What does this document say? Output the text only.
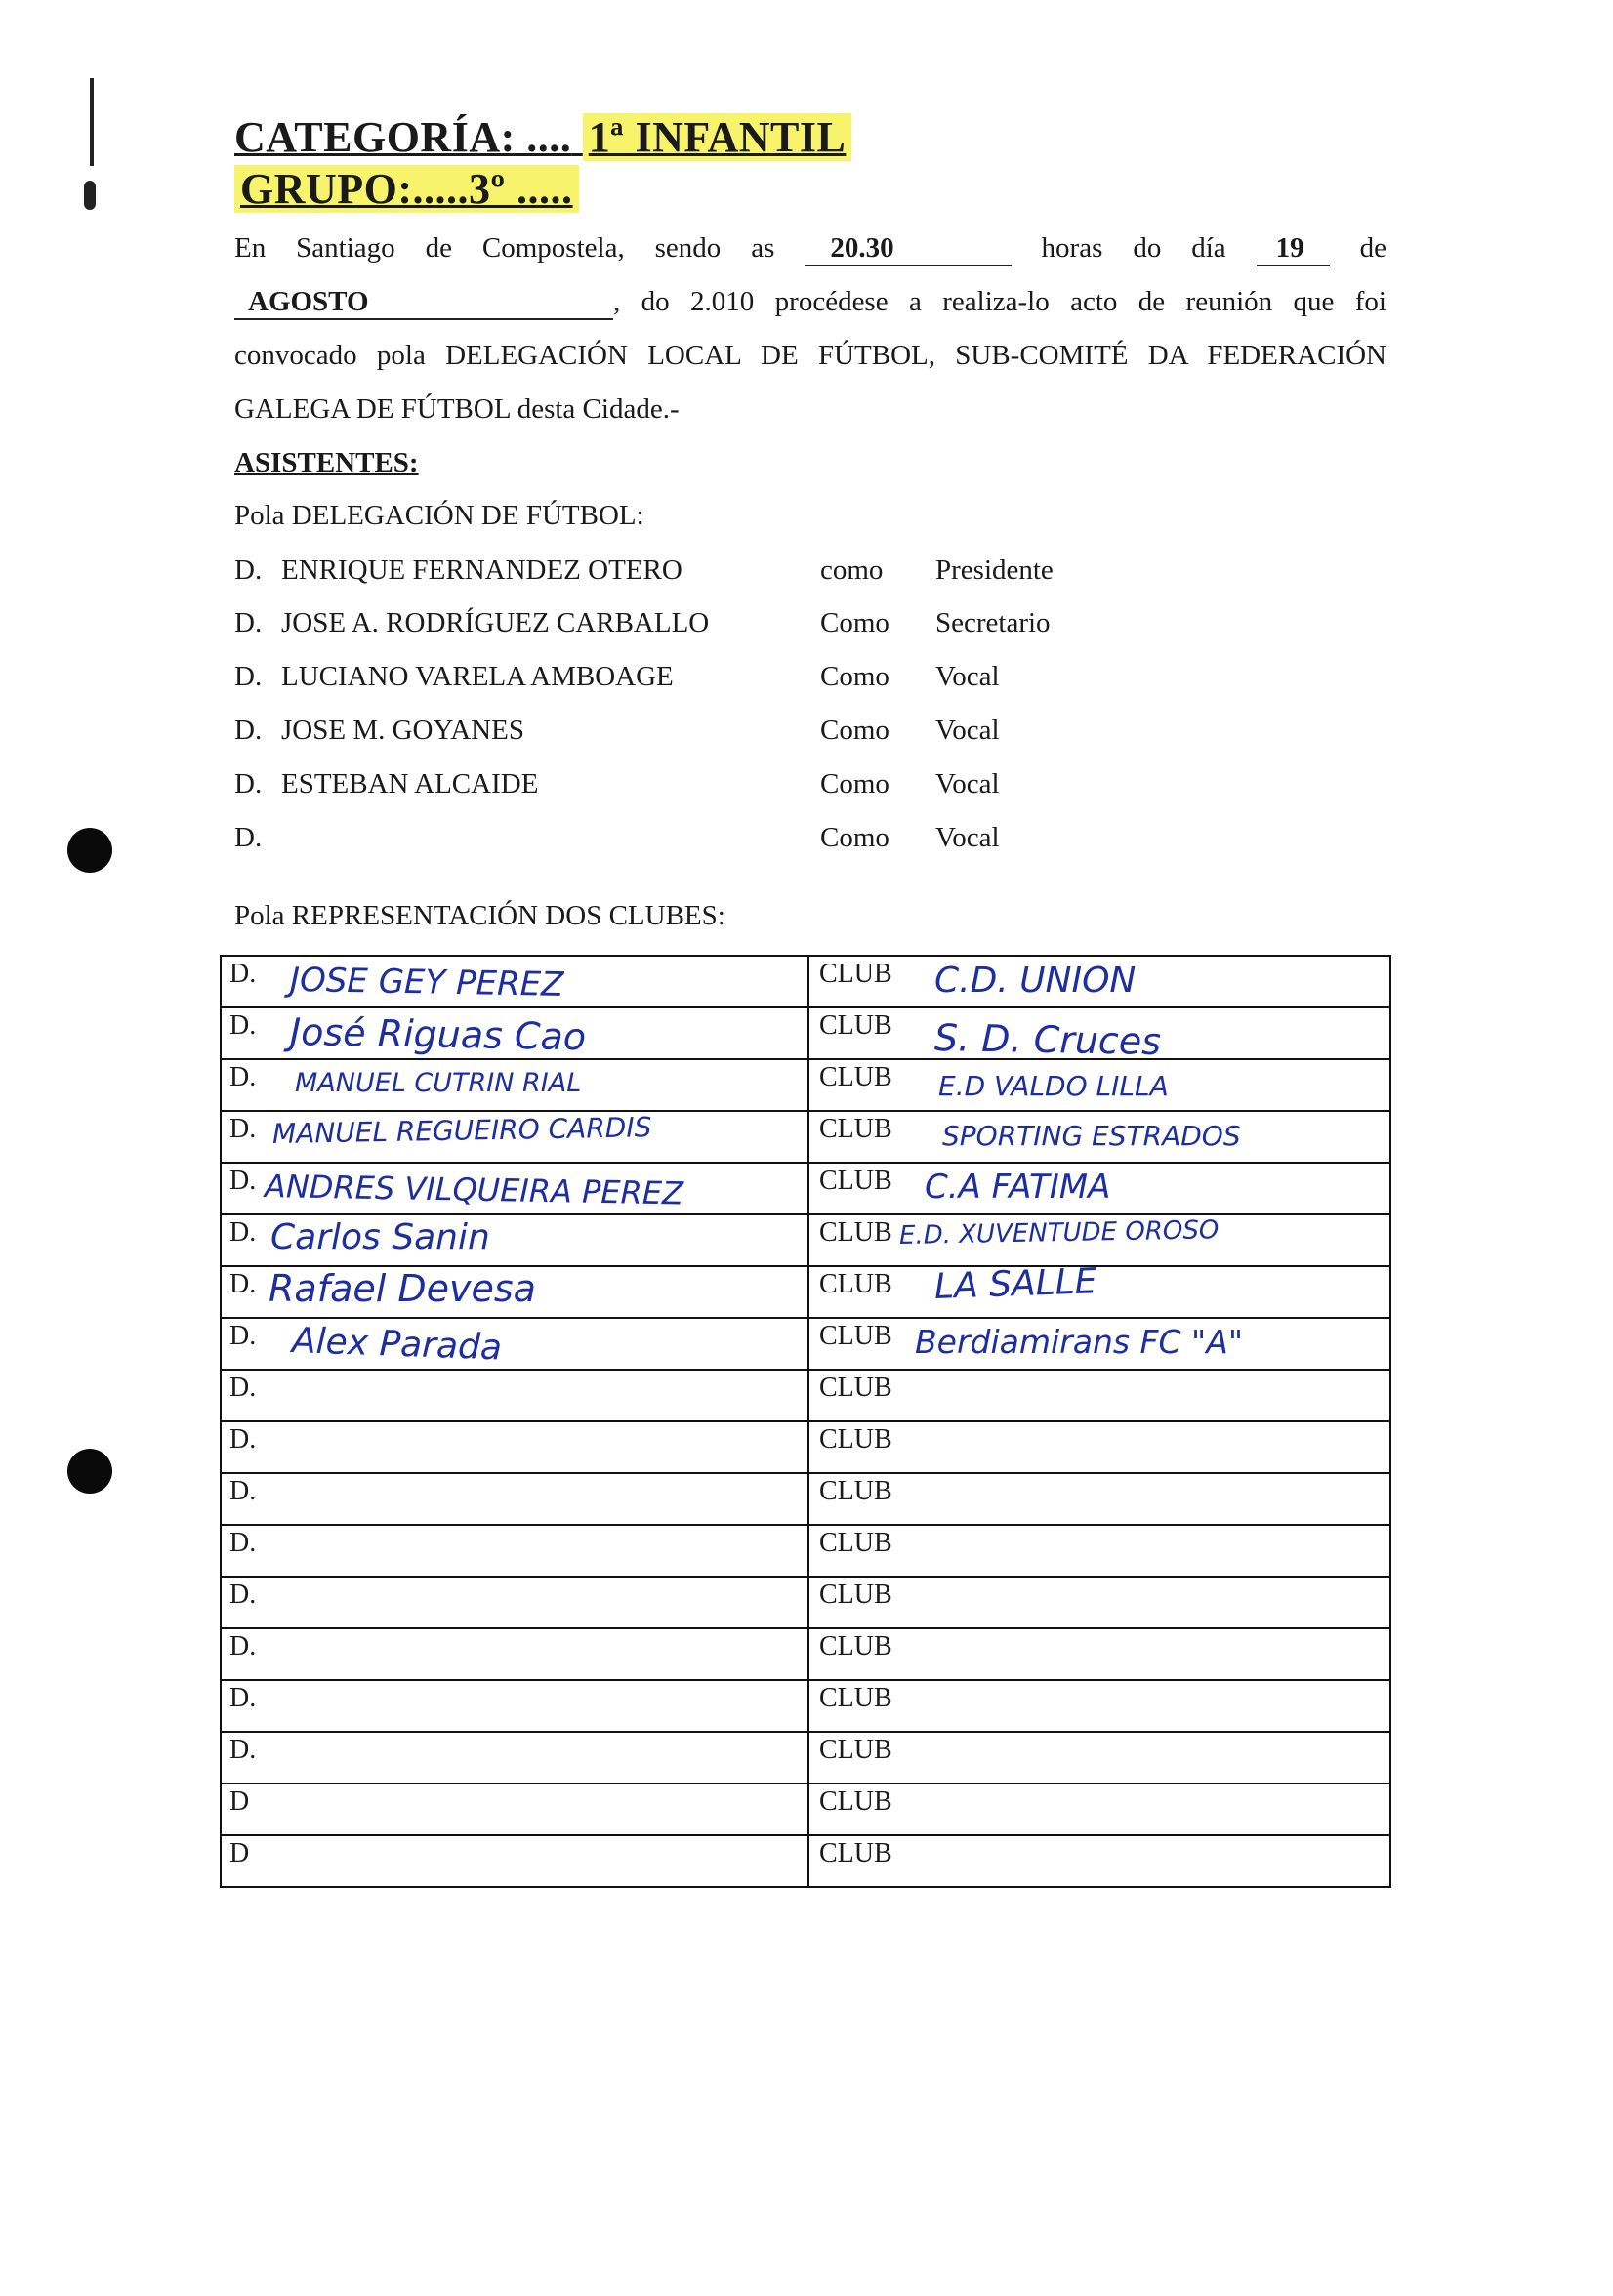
CATEGORÍA: .... 1ª INFANTIL
GRUPO:.....3º .....
En Santiago de Compostela, sendo as	20.30	horas do día	19	de
AGOSTO	, do 2.010 procédese a realiza-lo acto de reunión que foi
convocado pola DELEGACIÓN LOCAL DE FÚTBOL, SUB-COMITÉ DA FEDERACIÓN
GALEGA DE FÚTBOL desta Cidade.-
ASISTENTES:
Pola DELEGACIÓN DE FÚTBOL:
D. ENRIQUE FERNANDEZ OTERO	como Presidente
D. JOSE A. RODRÍGUEZ CARBALLO	Como Secretario
D. LUCIANO VARELA AMBOAGE	Como Vocal
D. JOSE M. GOYANES	Como Vocal
D. ESTEBAN ALCAIDE	Como Vocal
D.	Como Vocal
Pola REPRESENTACIÓN DOS CLUBES:
D. JOSE GEY PEREZ	CLUB C.D. UNION

D. José Riguas Cao	CLUB S. D. Cruces

D. MANUEL CUTRIN RIAL	CLUB E.D VALDO LILLA

D. MANUEL REGUEIRO CARDIS	CLUB SPORTING ESTRADOS

D. ANDRES VILQUEIRA PEREZ	CLUB C.A FATIMA

D. Carlos Sanin	CLUB E.D. XUVENTUDE OROSO

D. Rafael Devesa	CLUB LA SALLE

D. Alex Parada	CLUB Berdiamirans FC "A"

D.	CLUB

D.	CLUB

D.	CLUB

D.	CLUB

D.	CLUB

D.	CLUB

D.	CLUB

D.	CLUB

D	CLUB

D	CLUB
